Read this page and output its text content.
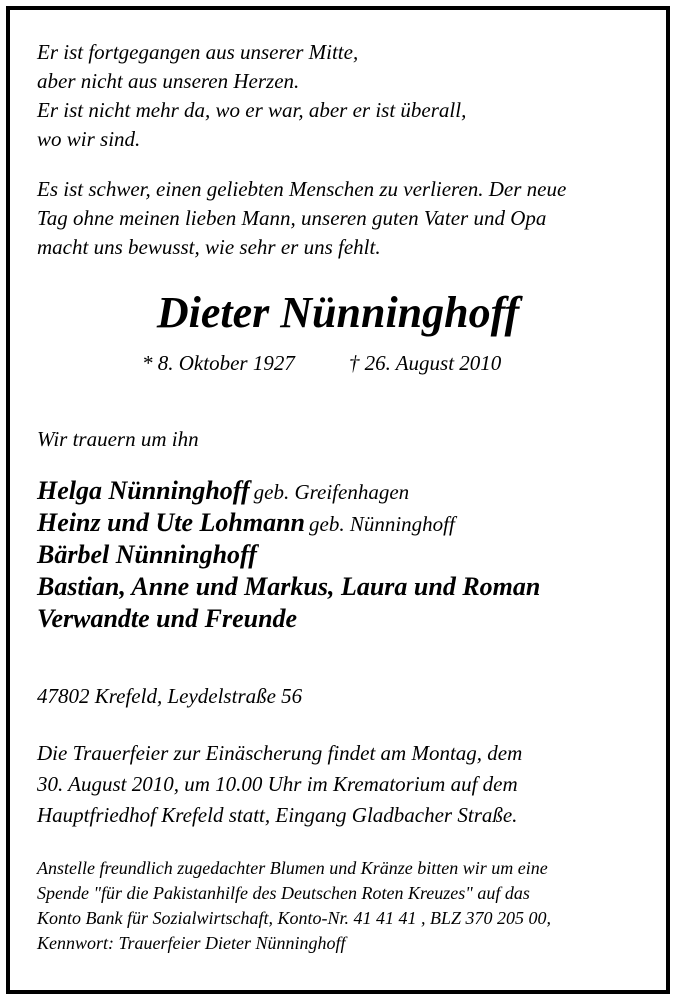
Er ist fortgegangen aus unserer Mitte,
aber nicht aus unseren Herzen.
Er ist nicht mehr da, wo er war, aber er ist überall,
wo wir sind.
Es ist schwer, einen geliebten Menschen zu verlieren. Der neue
Tag ohne meinen lieben Mann, unseren guten Vater und Opa
macht uns bewusst, wie sehr er uns fehlt.
Dieter Nünninghoff
* 8. Oktober 1927	† 26. August 2010
Wir trauern um ihn
Helga Nünninghoff geb. Greifenhagen
Heinz und Ute Lohmann geb. Nünninghoff
Bärbel Nünninghoff
Bastian, Anne und Markus, Laura und Roman
Verwandte und Freunde
47802 Krefeld, Leydelstraße 56
Die Trauerfeier zur Einäscherung findet am Montag, dem
30. August 2010, um 10.00 Uhr im Krematorium auf dem
Hauptfriedhof Krefeld statt, Eingang Gladbacher Straße.
Anstelle freundlich zugedachter Blumen und Kränze bitten wir um eine
Spende "für die Pakistanhilfe des Deutschen Roten Kreuzes" auf das
Konto Bank für Sozialwirtschaft, Konto-Nr. 41 41 41 , BLZ 370 205 00,
Kennwort: Trauerfeier Dieter Nünninghoff
